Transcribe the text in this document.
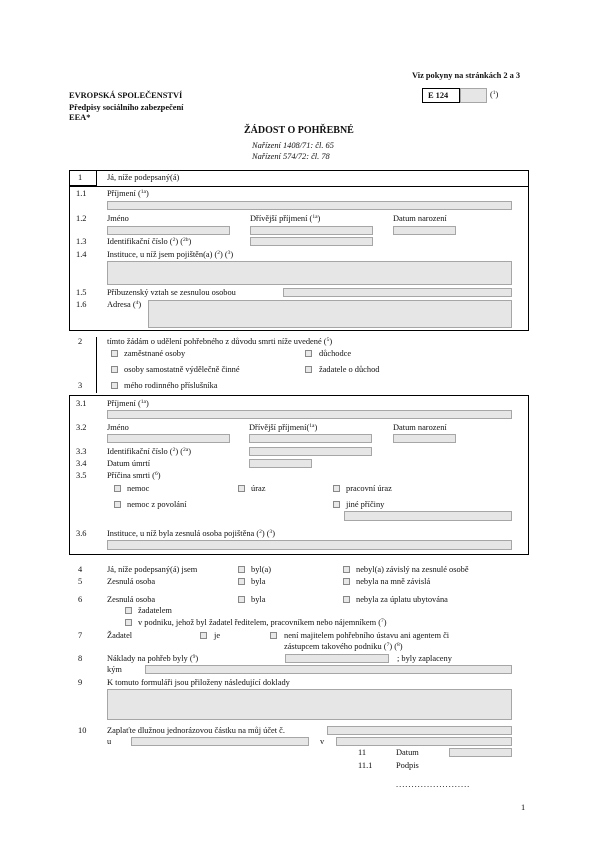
Viz pokyny na stránkách 2 a 3
EVROPSKÁ SPOLEČENSTVÍ
Předpisy sociálního zabezpečení
EEA*
E 124	($^1$)
ŽÁDOST O POHŘEBNÉ
Nařízení 1408/71: čl. 65
Nařízení 574/72: čl. 78
1	Já, níže podepsaný(á)
1.1 Příjmení ($^{1a}$)
1.2 Jméno	Dřívější příjmení ($^{1a}$)	Datum narození
1.3 Identifikační číslo ($^2$) ($^{2b}$)
1.4 Instituce, u níž jsem pojištěn(a) ($^2$) ($^3$)
1.5 Příbuzenský vztah se zesnulou osobou
1.6 Adresa ($^4$)
2	tímto žádám o udělení pohřebného z důvodu smrti níže uvedené ($^5$)
zaměstnané osoby	důchodce
osoby samostatně výdělečně činné	žadatele o důchod
3	mého rodinného příslušníka
3.1 Příjmení ($^{1a}$)
3.2 Jméno	Dřívější příjmení($^{1a}$)	Datum narození
3.3 Identifikační číslo ($^2$) ($^{2a}$)
3.4 Datum úmrtí
3.5 Příčina smrti ($^6$)
nemoc	úraz	pracovní úraz
nemoc z povolání	jiné příčiny
3.6 Instituce, u níž byla zesnulá osoba pojištěna ($^2$) ($^3$)
4	Já, níže podepsaný(á) jsem	byl(a)	nebyl(a) závislý na zesnulé osobě
5	Zesnulá osoba	byla	nebyla na mně závislá
6	Zesnulá osoba	byla	nebyla za úplatu ubytována
žadatelem
v podniku, jehož byl žadatel ředitelem, pracovníkem nebo nájemníkem ($^7$)
7	Žadatel	je	není majitelem pohřebního ústavu ani agentem či
zástupcem takového podniku ($^7$) ($^8$)
8	Náklady na pohřeb byly ($^9$)	; byly zaplaceny
kým
9	K tomuto formuláři jsou přiloženy následující doklady
10 Zaplaťte dlužnou jednorázovou částku na můj účet č.
u	v
11	Datum
11.1	Podpis
........................
1
